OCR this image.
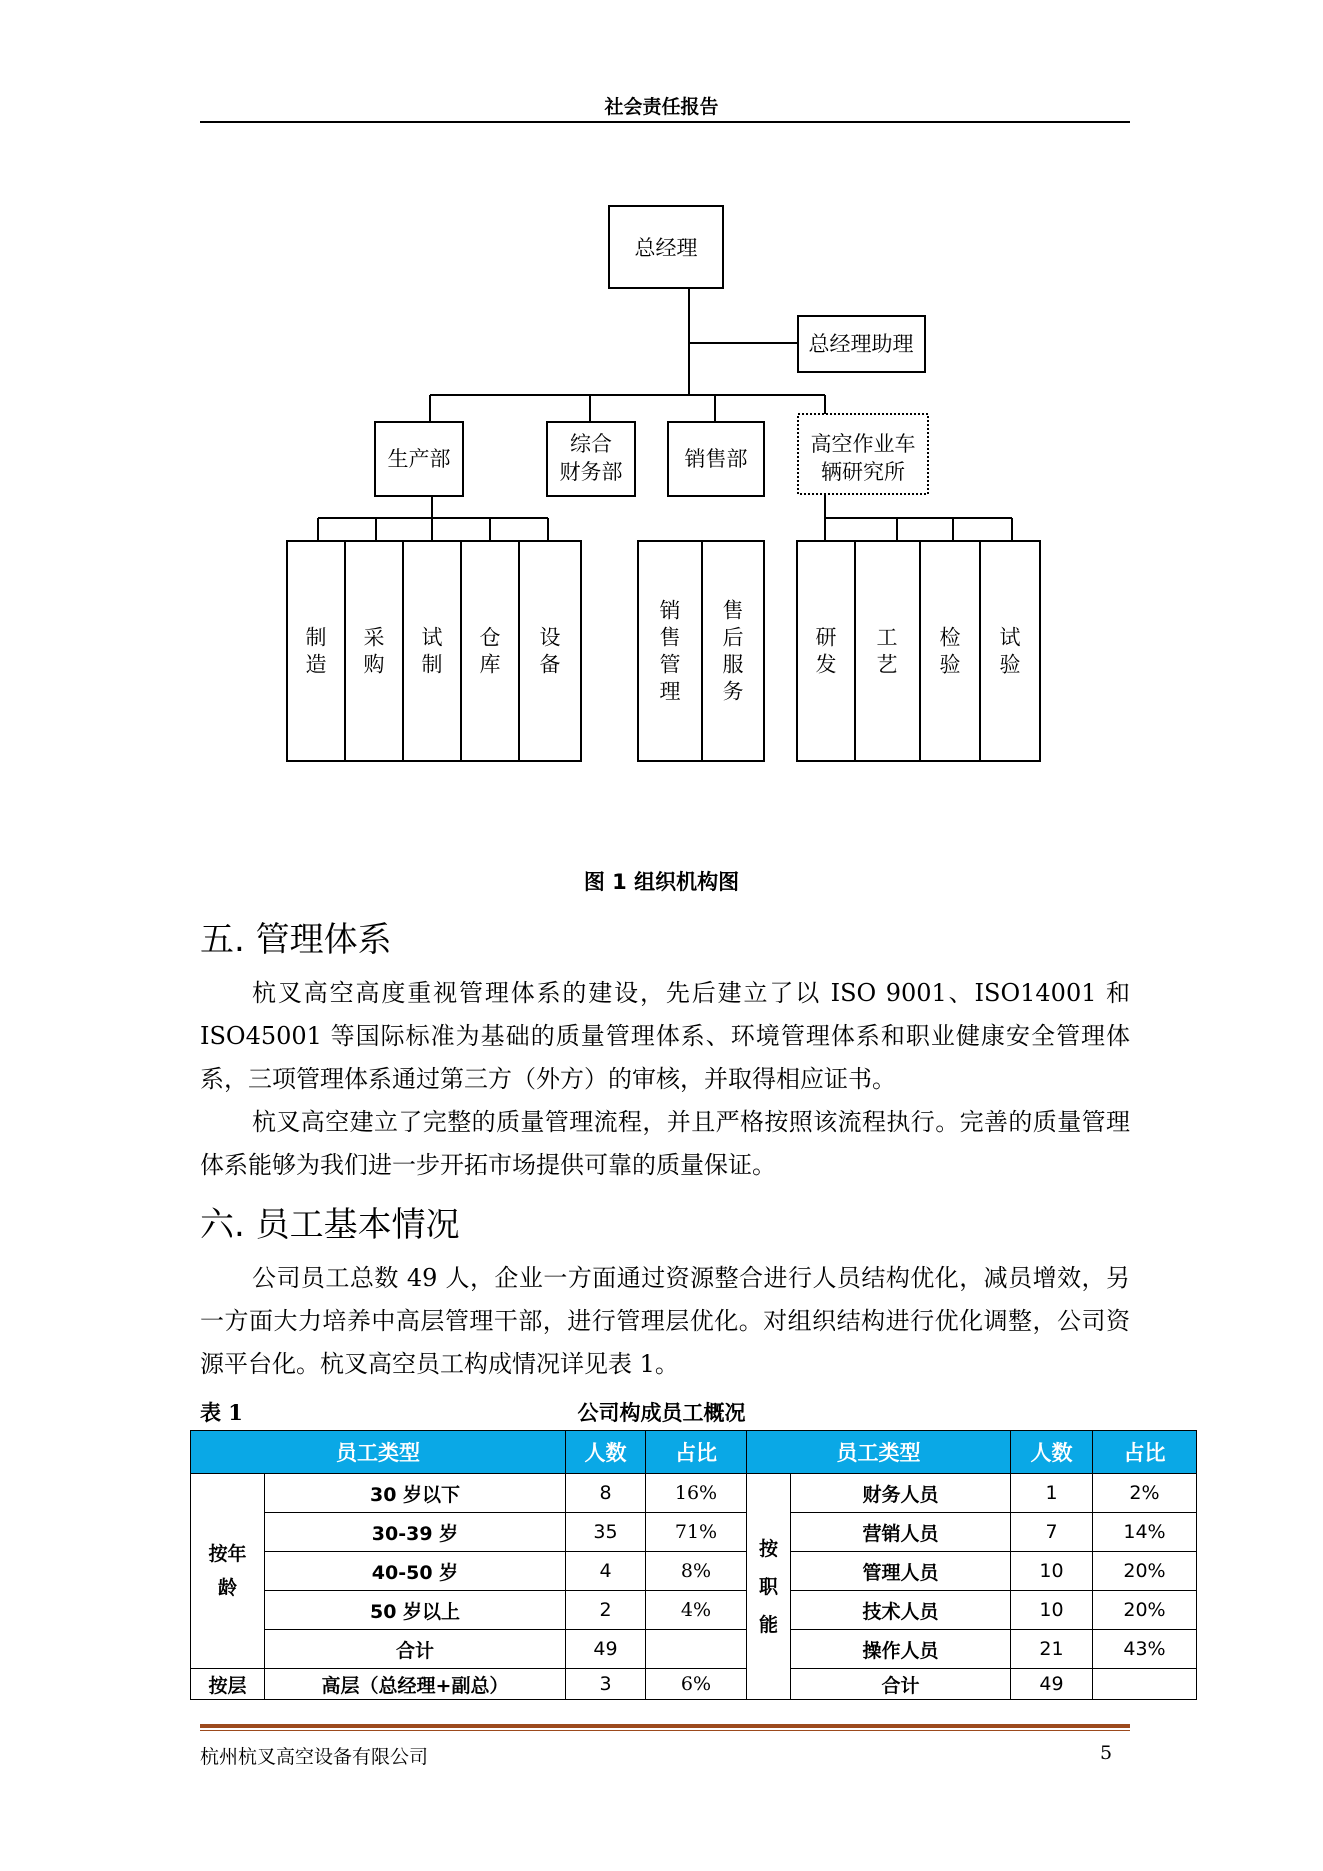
社会责任报告
总经理
总经理助理
生产部
综合
财务部
销售部
高空作业车
辆研究所
制造
采购
试制
仓库
设备
销售管理
售后服务
研发
工艺
检验
试验
图 1 组织机构图
五. 管理体系

杭叉高空高度重视管理体系的建设，先后建立了以 ISO 9001、ISO14001 和ISO45001 等国际标准为基础的质量管理体系、环境管理体系和职业健康安全管理体系，三项管理体系通过第三方（外方）的审核，并取得相应证书。

杭叉高空建立了完整的质量管理流程，并且严格按照该流程执行。完善的质量管理体系能够为我们进一步开拓市场提供可靠的质量保证。

六. 员工基本情况

公司员工总数 49 人，企业一方面通过资源整合进行人员结构优化，减员增效，另一方面大力培养中高层管理干部，进行管理层优化。对组织结构进行优化调整，公司资源平台化。杭叉高空员工构成情况详见表 1。

表 1	公司构成员工概况
员工类型		人数	占比	员工类型		人数	占比
按年龄	30 岁以下	8	16%	按职能	财务人员	1	2%
	30-39 岁	35	71%		营销人员	7	14%
	40-50 岁	4	8%		管理人员	10	20%
	50 岁以上	2	4%		技术人员	10	20%
	合计	49			操作人员	21	43%
按层	高层（总经理+副总）	3	6%		合计	49	
杭州杭叉高空设备有限公司	5
